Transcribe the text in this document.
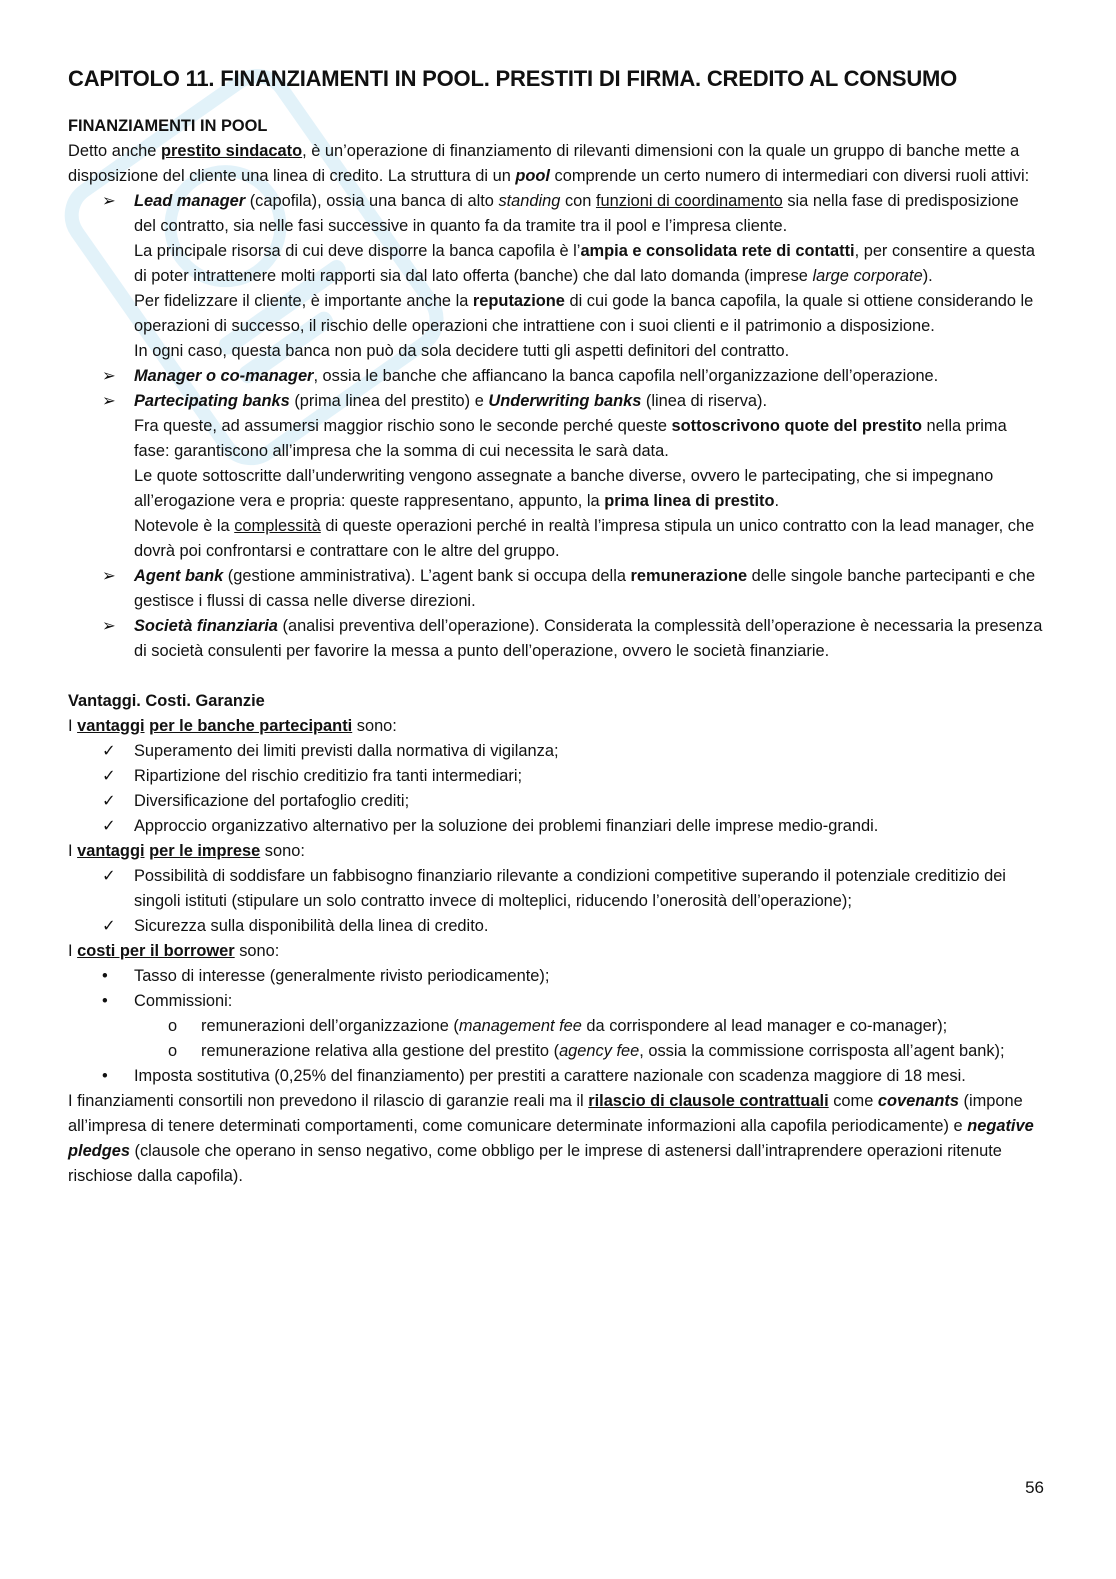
CAPITOLO 11. FINANZIAMENTI IN POOL. PRESTITI DI FIRMA. CREDITO AL CONSUMO

FINANZIAMENTI IN POOL

Detto anche prestito sindacato, è un’operazione di finanziamento di rilevanti dimensioni con la quale un gruppo di banche mette a disposizione del cliente una linea di credito. La struttura di un pool comprende un certo numero di intermediari con diversi ruoli attivi:

➢	Lead manager (capofila), ossia una banca di alto standing con funzioni di coordinamento sia nella fase di predisposizione del contratto, sia nelle fasi successive in quanto fa da tramite tra il pool e l’impresa cliente.

La principale risorsa di cui deve disporre la banca capofila è l’ampia e consolidata rete di contatti, per consentire a questa di poter intrattenere molti rapporti sia dal lato offerta (banche) che dal lato domanda (imprese large corporate).

Per fidelizzare il cliente, è importante anche la reputazione di cui gode la banca capofila, la quale si ottiene considerando le operazioni di successo, il rischio delle operazioni che intrattiene con i suoi clienti e il patrimonio a disposizione.

In ogni caso, questa banca non può da sola decidere tutti gli aspetti definitori del contratto.

➢	Manager o co-manager, ossia le banche che affiancano la banca capofila nell’organizzazione dell’operazione.

➢	Partecipating banks (prima linea del prestito) e Underwriting banks (linea di riserva).

Fra queste, ad assumersi maggior rischio sono le seconde perché queste sottoscrivono quote del prestito nella prima fase: garantiscono all’impresa che la somma di cui necessita le sarà data.

Le quote sottoscritte dall’underwriting vengono assegnate a banche diverse, ovvero le partecipating, che si impegnano all’erogazione vera e propria: queste rappresentano, appunto, la prima linea di prestito.

Notevole è la complessità di queste operazioni perché in realtà l’impresa stipula un unico contratto con la lead manager, che dovrà poi confrontarsi e contrattare con le altre del gruppo.

➢	Agent bank (gestione amministrativa). L’agent bank si occupa della remunerazione delle singole banche partecipanti e che gestisce i flussi di cassa nelle diverse direzioni.

➢	Società finanziaria (analisi preventiva dell’operazione). Considerata la complessità dell’operazione è necessaria la presenza di società consulenti per favorire la messa a punto dell’operazione, ovvero le società finanziarie.

Vantaggi. Costi. Garanzie

I vantaggi per le banche partecipanti sono:

✓	Superamento dei limiti previsti dalla normativa di vigilanza;
✓	Ripartizione del rischio creditizio fra tanti intermediari;
✓	Diversificazione del portafoglio crediti;
✓	Approccio organizzativo alternativo per la soluzione dei problemi finanziari delle imprese medio-grandi.

I vantaggi per le imprese sono:

✓	Possibilità di soddisfare un fabbisogno finanziario rilevante a condizioni competitive superando il potenziale creditizio dei singoli istituti (stipulare un solo contratto invece di molteplici, riducendo l’onerosità dell’operazione);
✓	Sicurezza sulla disponibilità della linea di credito.

I costi per il borrower sono:

•	Tasso di interesse (generalmente rivisto periodicamente);
•	Commissioni:
o	remunerazioni dell’organizzazione (management fee da corrispondere al lead manager e co-manager);
o	remunerazione relativa alla gestione del prestito (agency fee, ossia la commissione corrisposta all’agent bank);
•	Imposta sostitutiva (0,25% del finanziamento) per prestiti a carattere nazionale con scadenza maggiore di 18 mesi.

I finanziamenti consortili non prevedono il rilascio di garanzie reali ma il rilascio di clausole contrattuali come covenants (impone all’impresa di tenere determinati comportamenti, come comunicare determinate informazioni alla capofila periodicamente) e negative pledges (clausole che operano in senso negativo, come obbligo per le imprese di astenersi dall’intraprendere operazioni ritenute rischiose dalla capofila).

56
